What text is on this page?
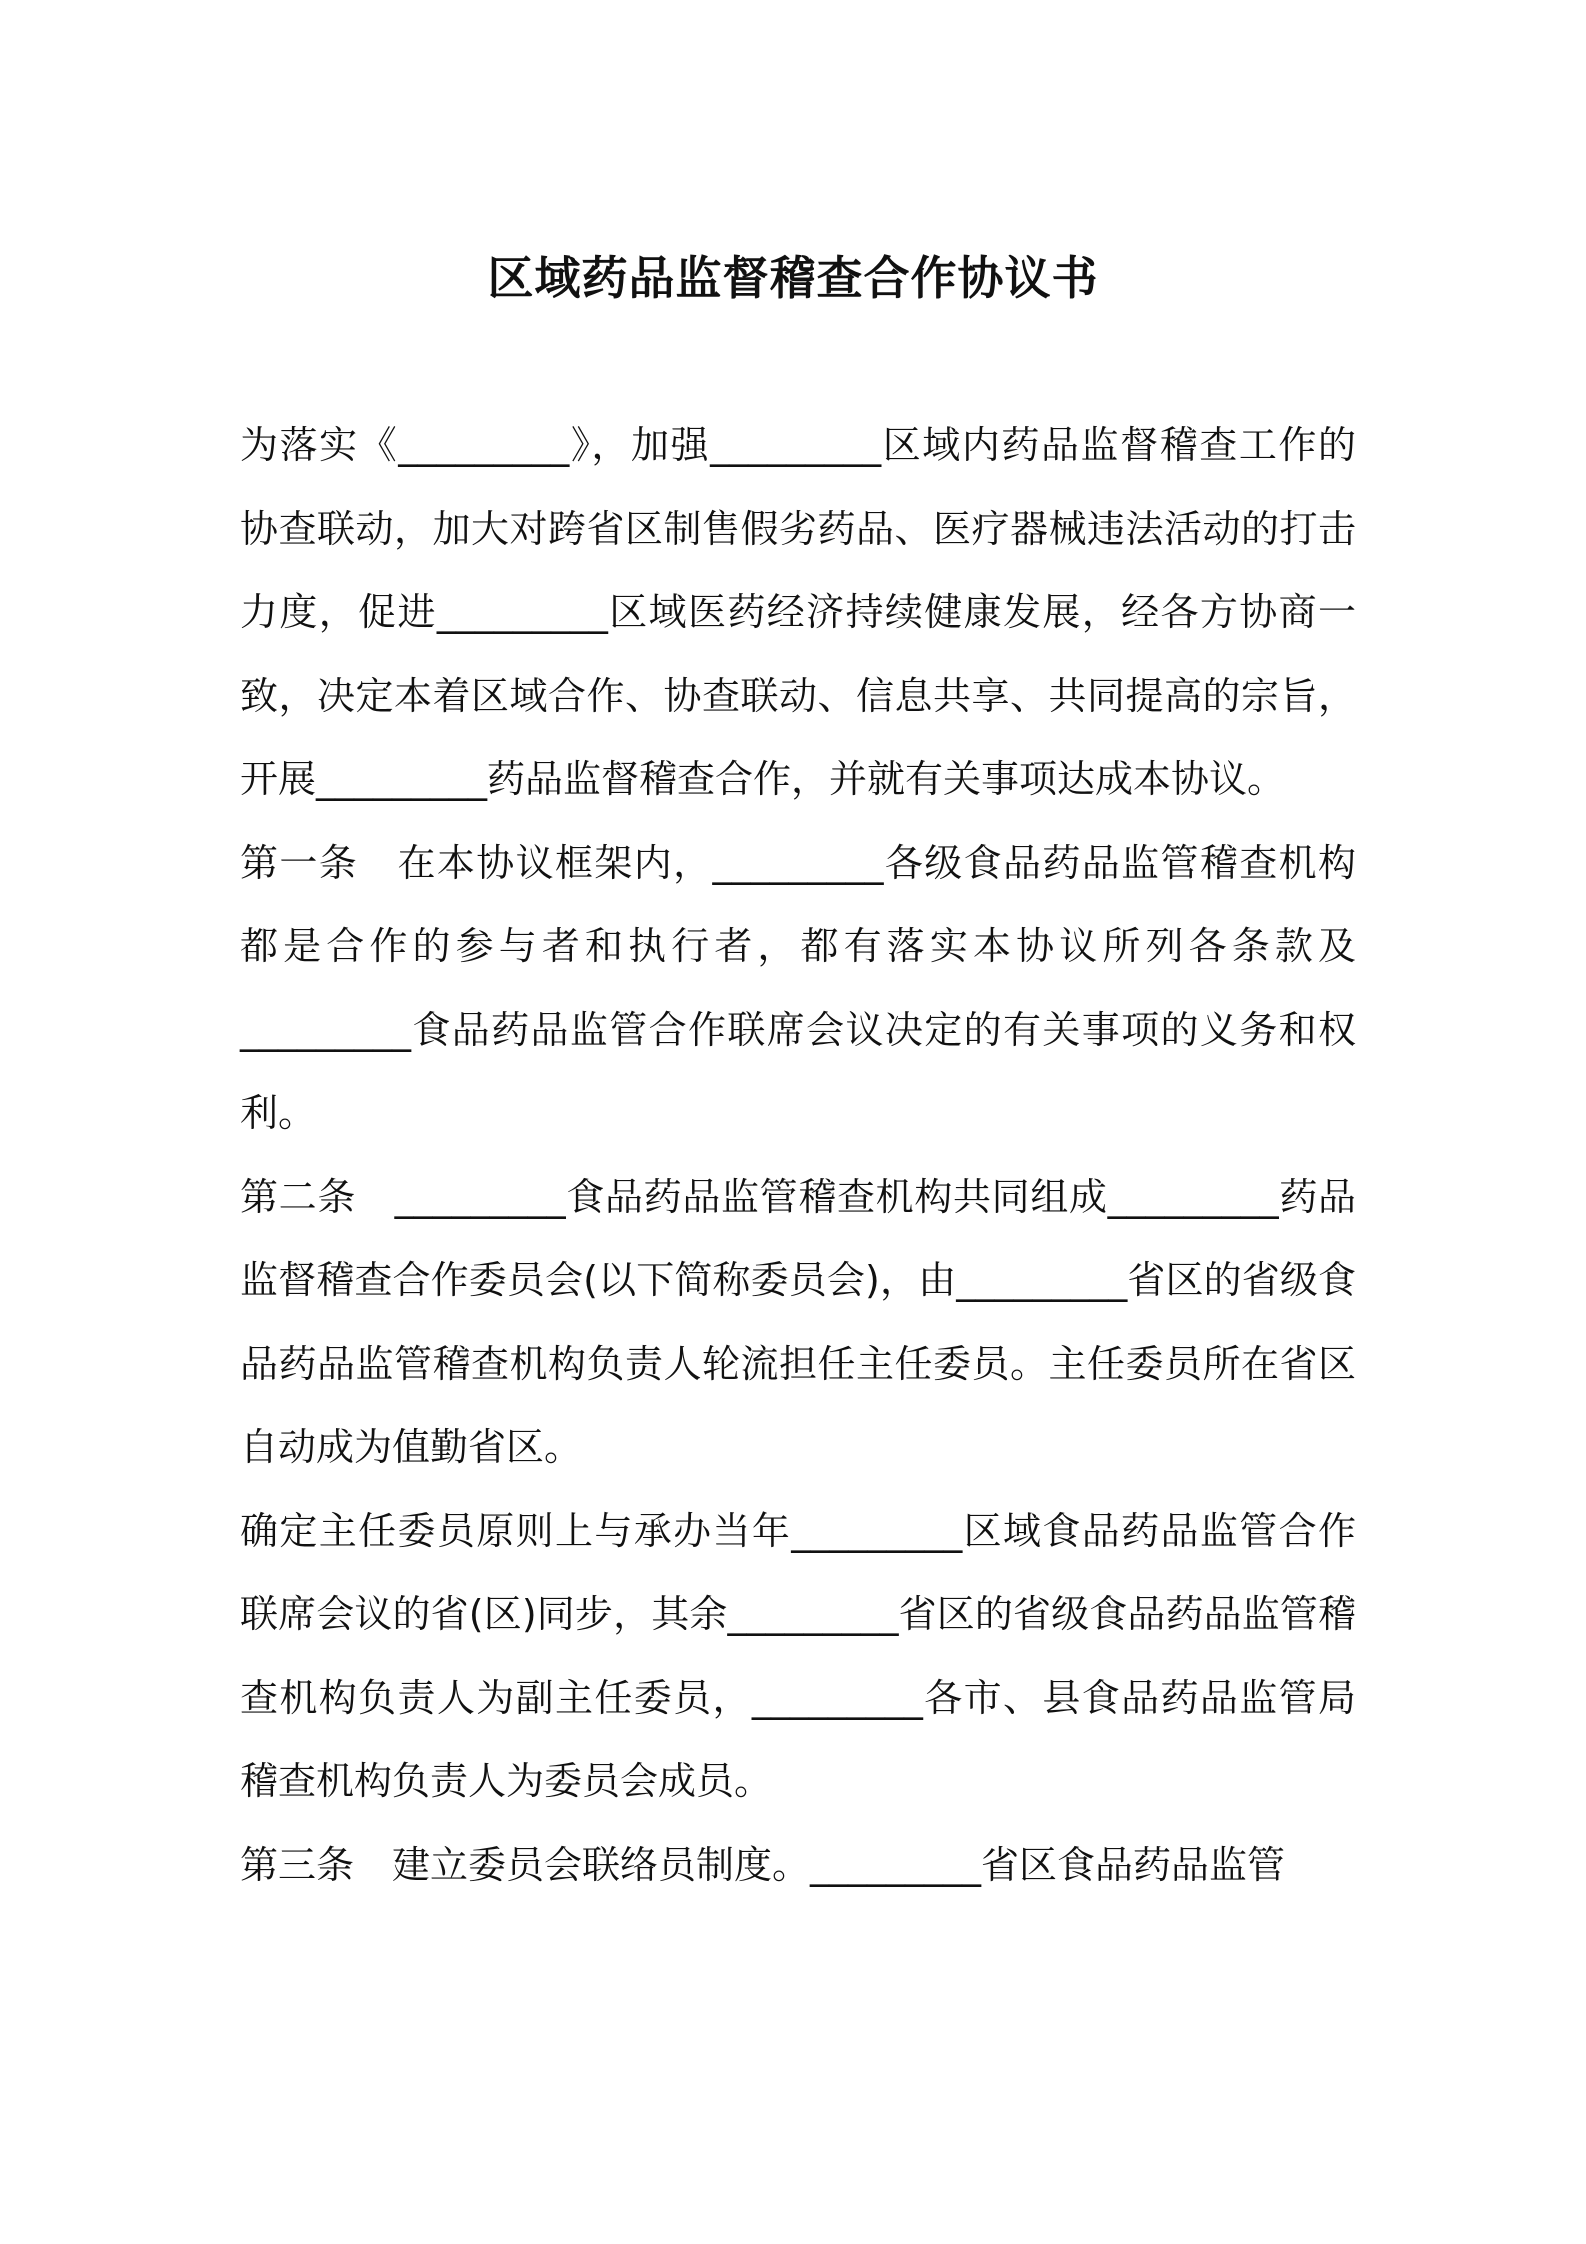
区域药品监督稽查合作协议书

为落实《_________》，加强_________区域内药品监督稽查工作的协查联动，加大对跨省区制售假劣药品、医疗器械违法活动的打击力度，促进_________区域医药经济持续健康发展，经各方协商一致，决定本着区域合作、协查联动、信息共享、共同提高的宗旨，开展_________药品监督稽查合作，并就有关事项达成本协议。

第一条　在本协议框架内，_________各级食品药品监管稽查机构都是合作的参与者和执行者，都有落实本协议所列各条款及_________食品药品监管合作联席会议决定的有关事项的义务和权利。

第二条　_________食品药品监管稽查机构共同组成_________药品监督稽查合作委员会(以下简称委员会)，由_________省区的省级食品药品监管稽查机构负责人轮流担任主任委员。主任委员所在省区自动成为值勤省区。

确定主任委员原则上与承办当年_________区域食品药品监管合作联席会议的省(区)同步，其余_________省区的省级食品药品监管稽查机构负责人为副主任委员，_________各市、县食品药品监管局稽查机构负责人为委员会成员。

第三条　建立委员会联络员制度。_________省区食品药品监管
